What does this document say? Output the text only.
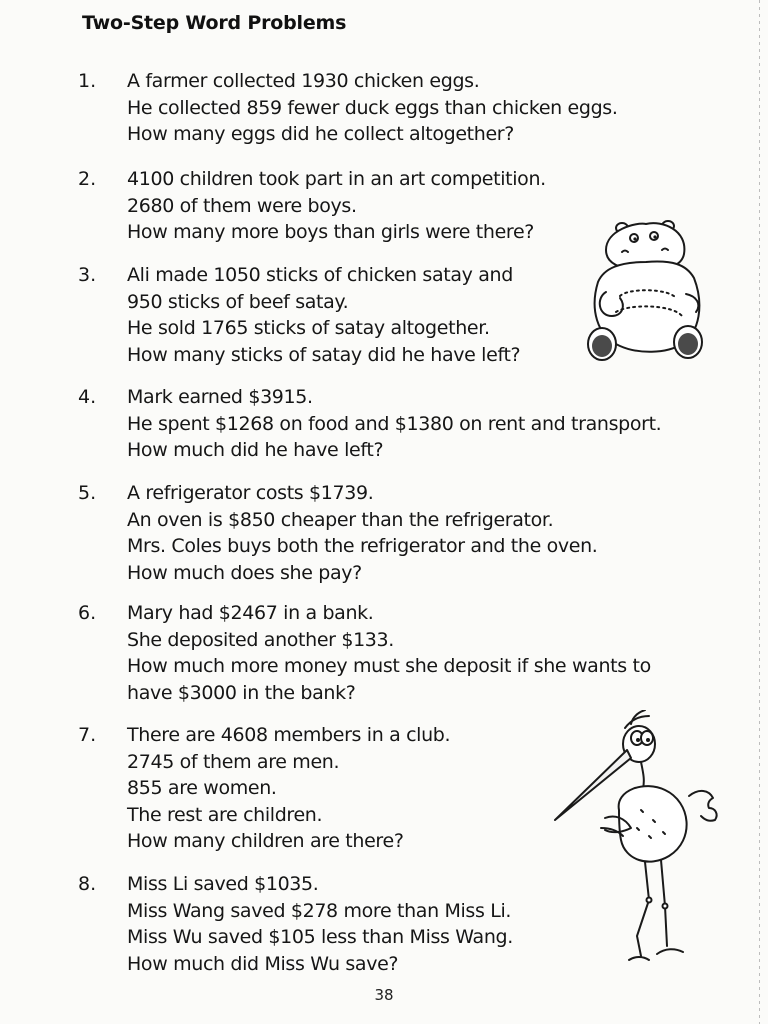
Two-Step Word Problems
1. A farmer collected 1930 chicken eggs.
He collected 859 fewer duck eggs than chicken eggs.
How many eggs did he collect altogether?
2. 4100 children took part in an art competition.
2680 of them were boys.
How many more boys than girls were there?
3. Ali made 1050 sticks of chicken satay and
950 sticks of beef satay.
He sold 1765 sticks of satay altogether.
How many sticks of satay did he have left?
4. Mark earned $3915.
He spent $1268 on food and $1380 on rent and transport.
How much did he have left?
5. A refrigerator costs $1739.
An oven is $850 cheaper than the refrigerator.
Mrs. Coles buys both the refrigerator and the oven.
How much does she pay?
6. Mary had $2467 in a bank.
She deposited another $133.
How much more money must she deposit if she wants to
have $3000 in the bank?
7. There are 4608 members in a club.
2745 of them are men.
855 are women.
The rest are children.
How many children are there?
8. Miss Li saved $1035.
Miss Wang saved $278 more than Miss Li.
Miss Wu saved $105 less than Miss Wang.
How much did Miss Wu save?
38
